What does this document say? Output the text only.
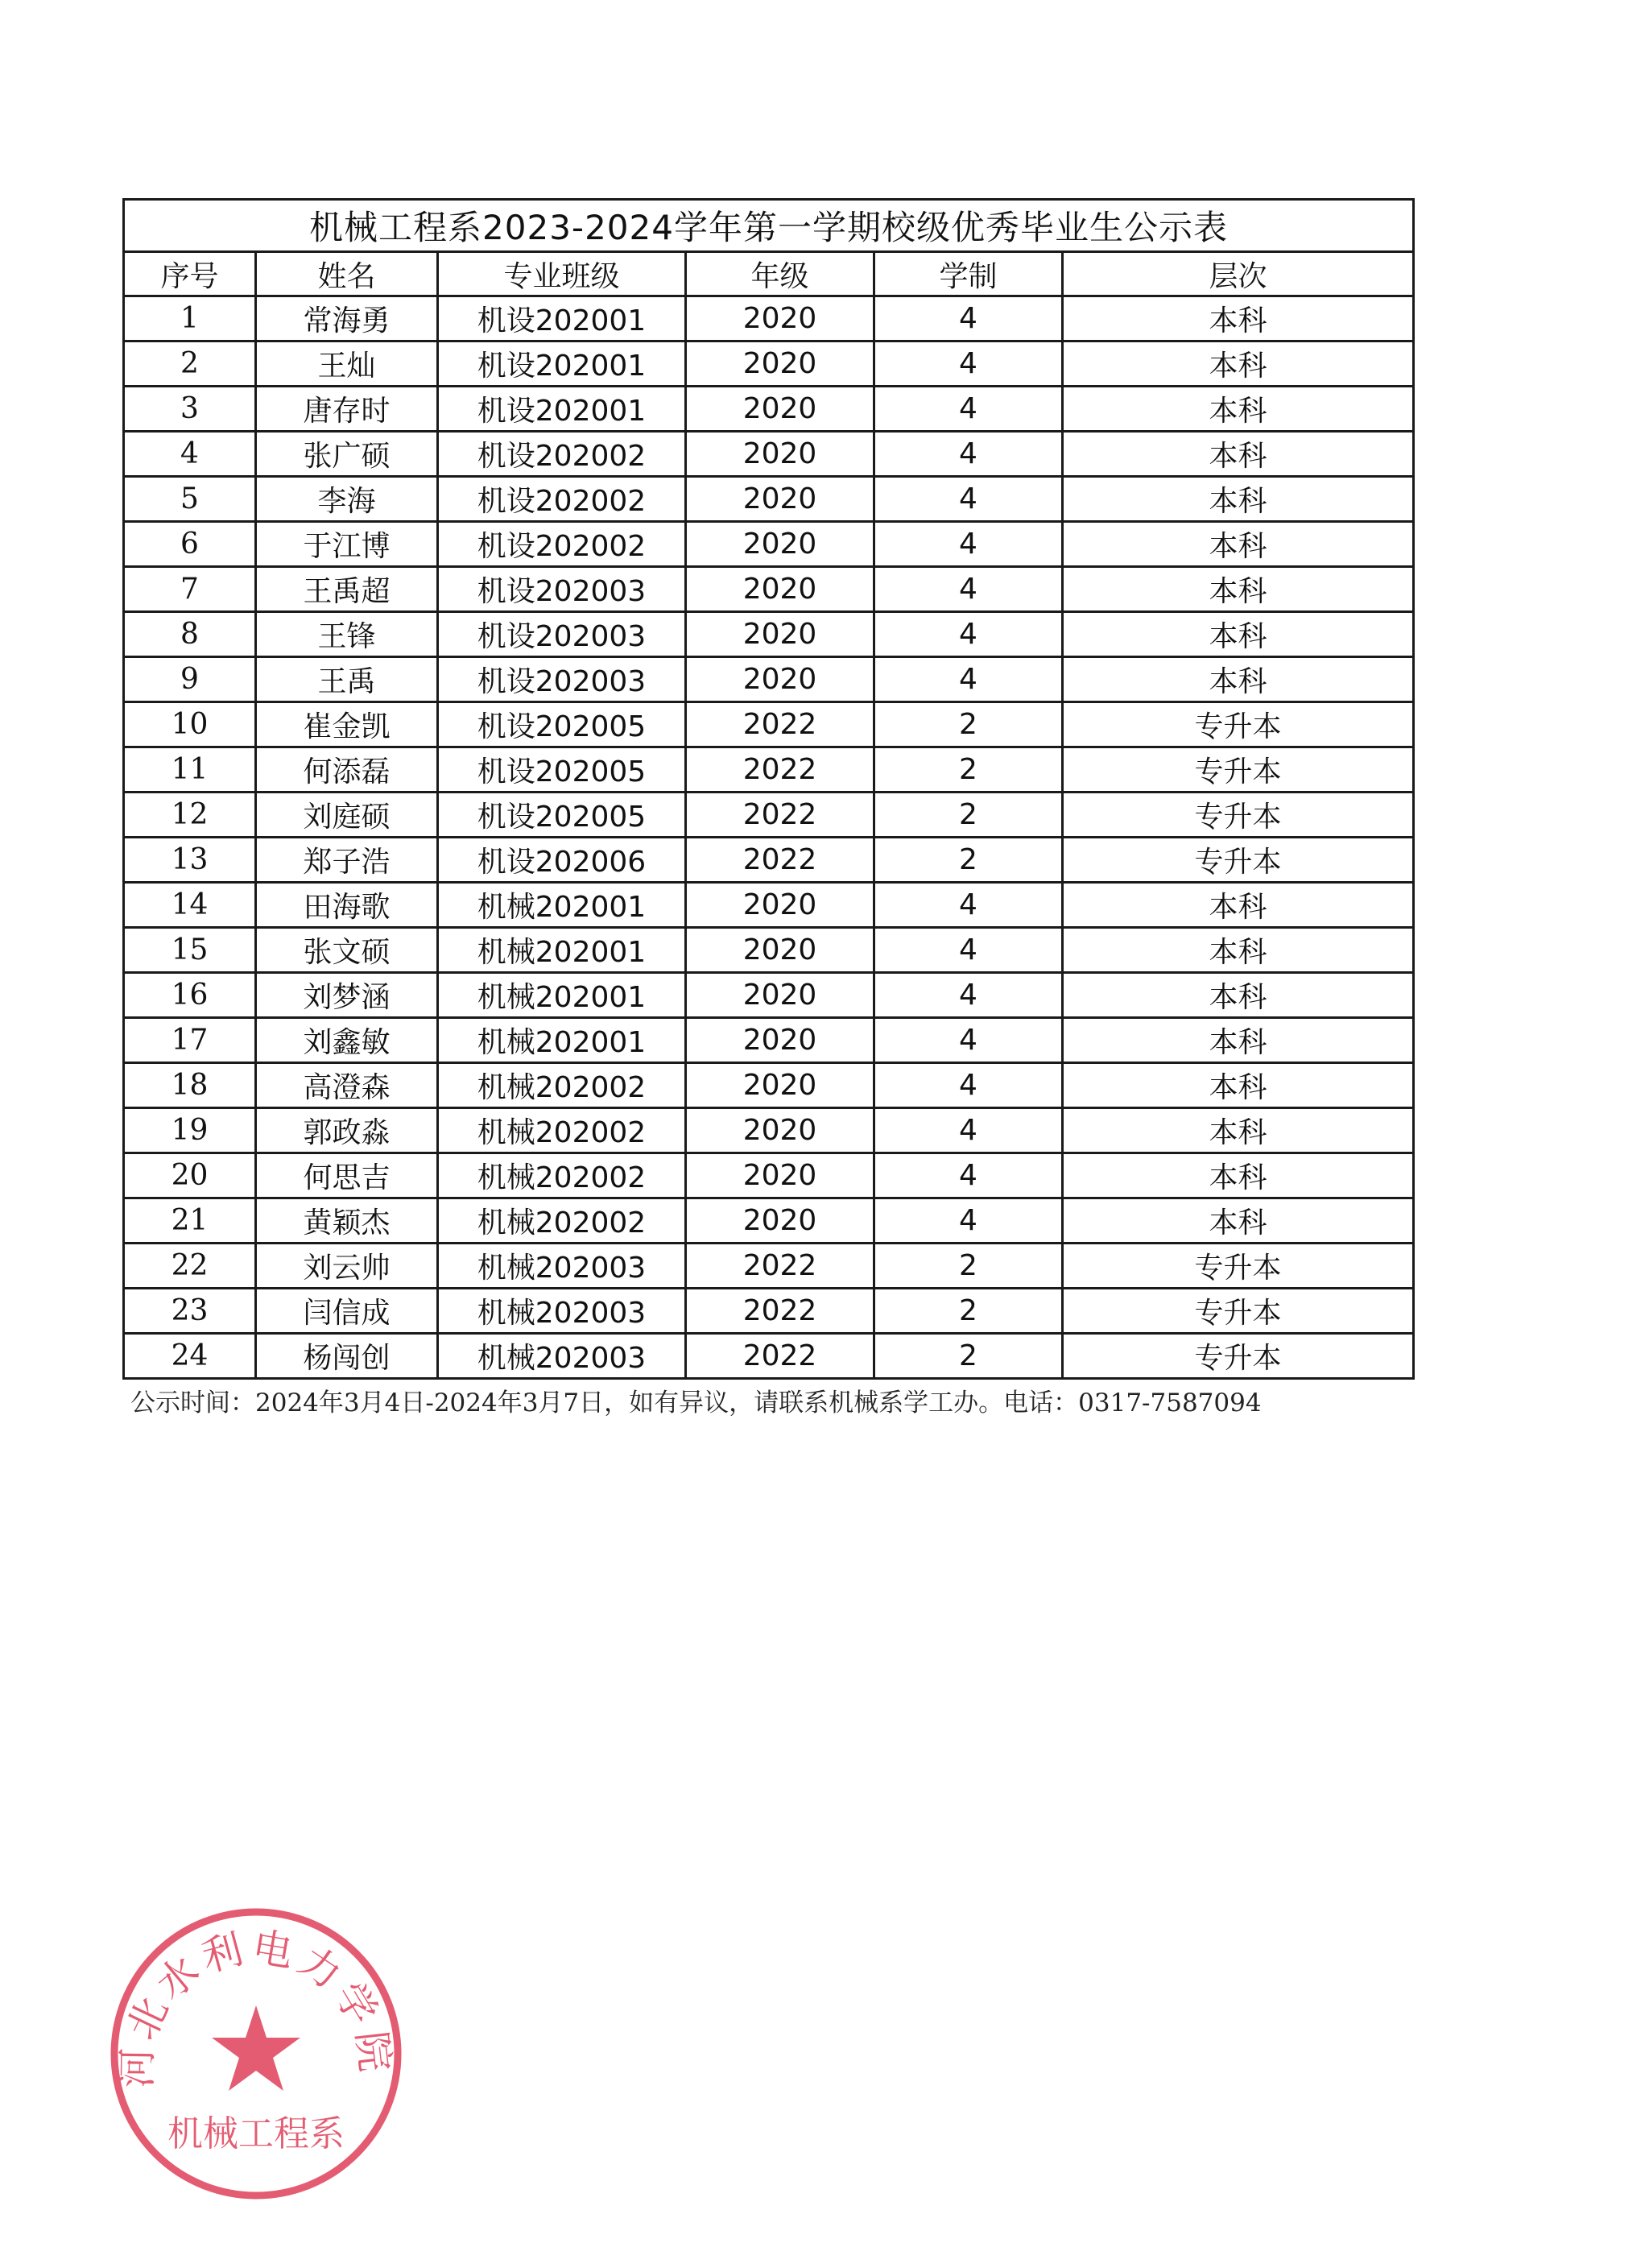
机械工程系2023-2024学年第一学期校级优秀毕业生公示表					
序号	姓名	专业班级	年级	学制	层次
1	常海勇	机设202001	2020	4	本科
2	王灿	机设202001	2020	4	本科
3	唐存时	机设202001	2020	4	本科
4	张广硕	机设202002	2020	4	本科
5	李海	机设202002	2020	4	本科
6	于江博	机设202002	2020	4	本科
7	王禹超	机设202003	2020	4	本科
8	王锋	机设202003	2020	4	本科
9	王禹	机设202003	2020	4	本科
10	崔金凯	机设202005	2022	2	专升本
11	何添磊	机设202005	2022	2	专升本
12	刘庭硕	机设202005	2022	2	专升本
13	郑子浩	机设202006	2022	2	专升本
14	田海歌	机械202001	2020	4	本科
15	张文硕	机械202001	2020	4	本科
16	刘梦涵	机械202001	2020	4	本科
17	刘鑫敏	机械202001	2020	4	本科
18	高澄森	机械202002	2020	4	本科
19	郭政淼	机械202002	2020	4	本科
20	何思吉	机械202002	2020	4	本科
21	黄颖杰	机械202002	2020	4	本科
22	刘云帅	机械202003	2022	2	专升本
23	闫信成	机械202003	2022	2	专升本
24	杨闯创	机械202003	2022	2	专升本
公示时间：2024年3月4日-2024年3月7日，如有异议，请联系机械系学工办。电话：0317-7587094
河北水利电力学院
机械工程系
